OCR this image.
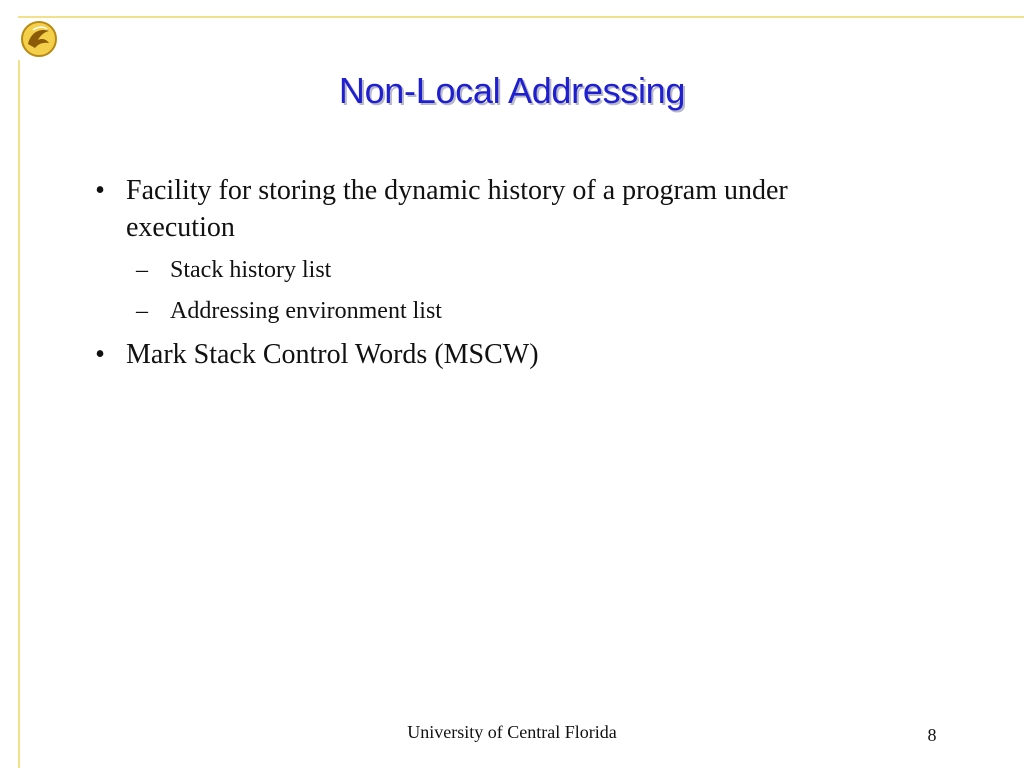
Non-Local Addressing
• Facility for storing the dynamic history of a program under execution
– Stack history list
– Addressing environment list
• Mark Stack Control Words (MSCW)
University of Central Florida	8
